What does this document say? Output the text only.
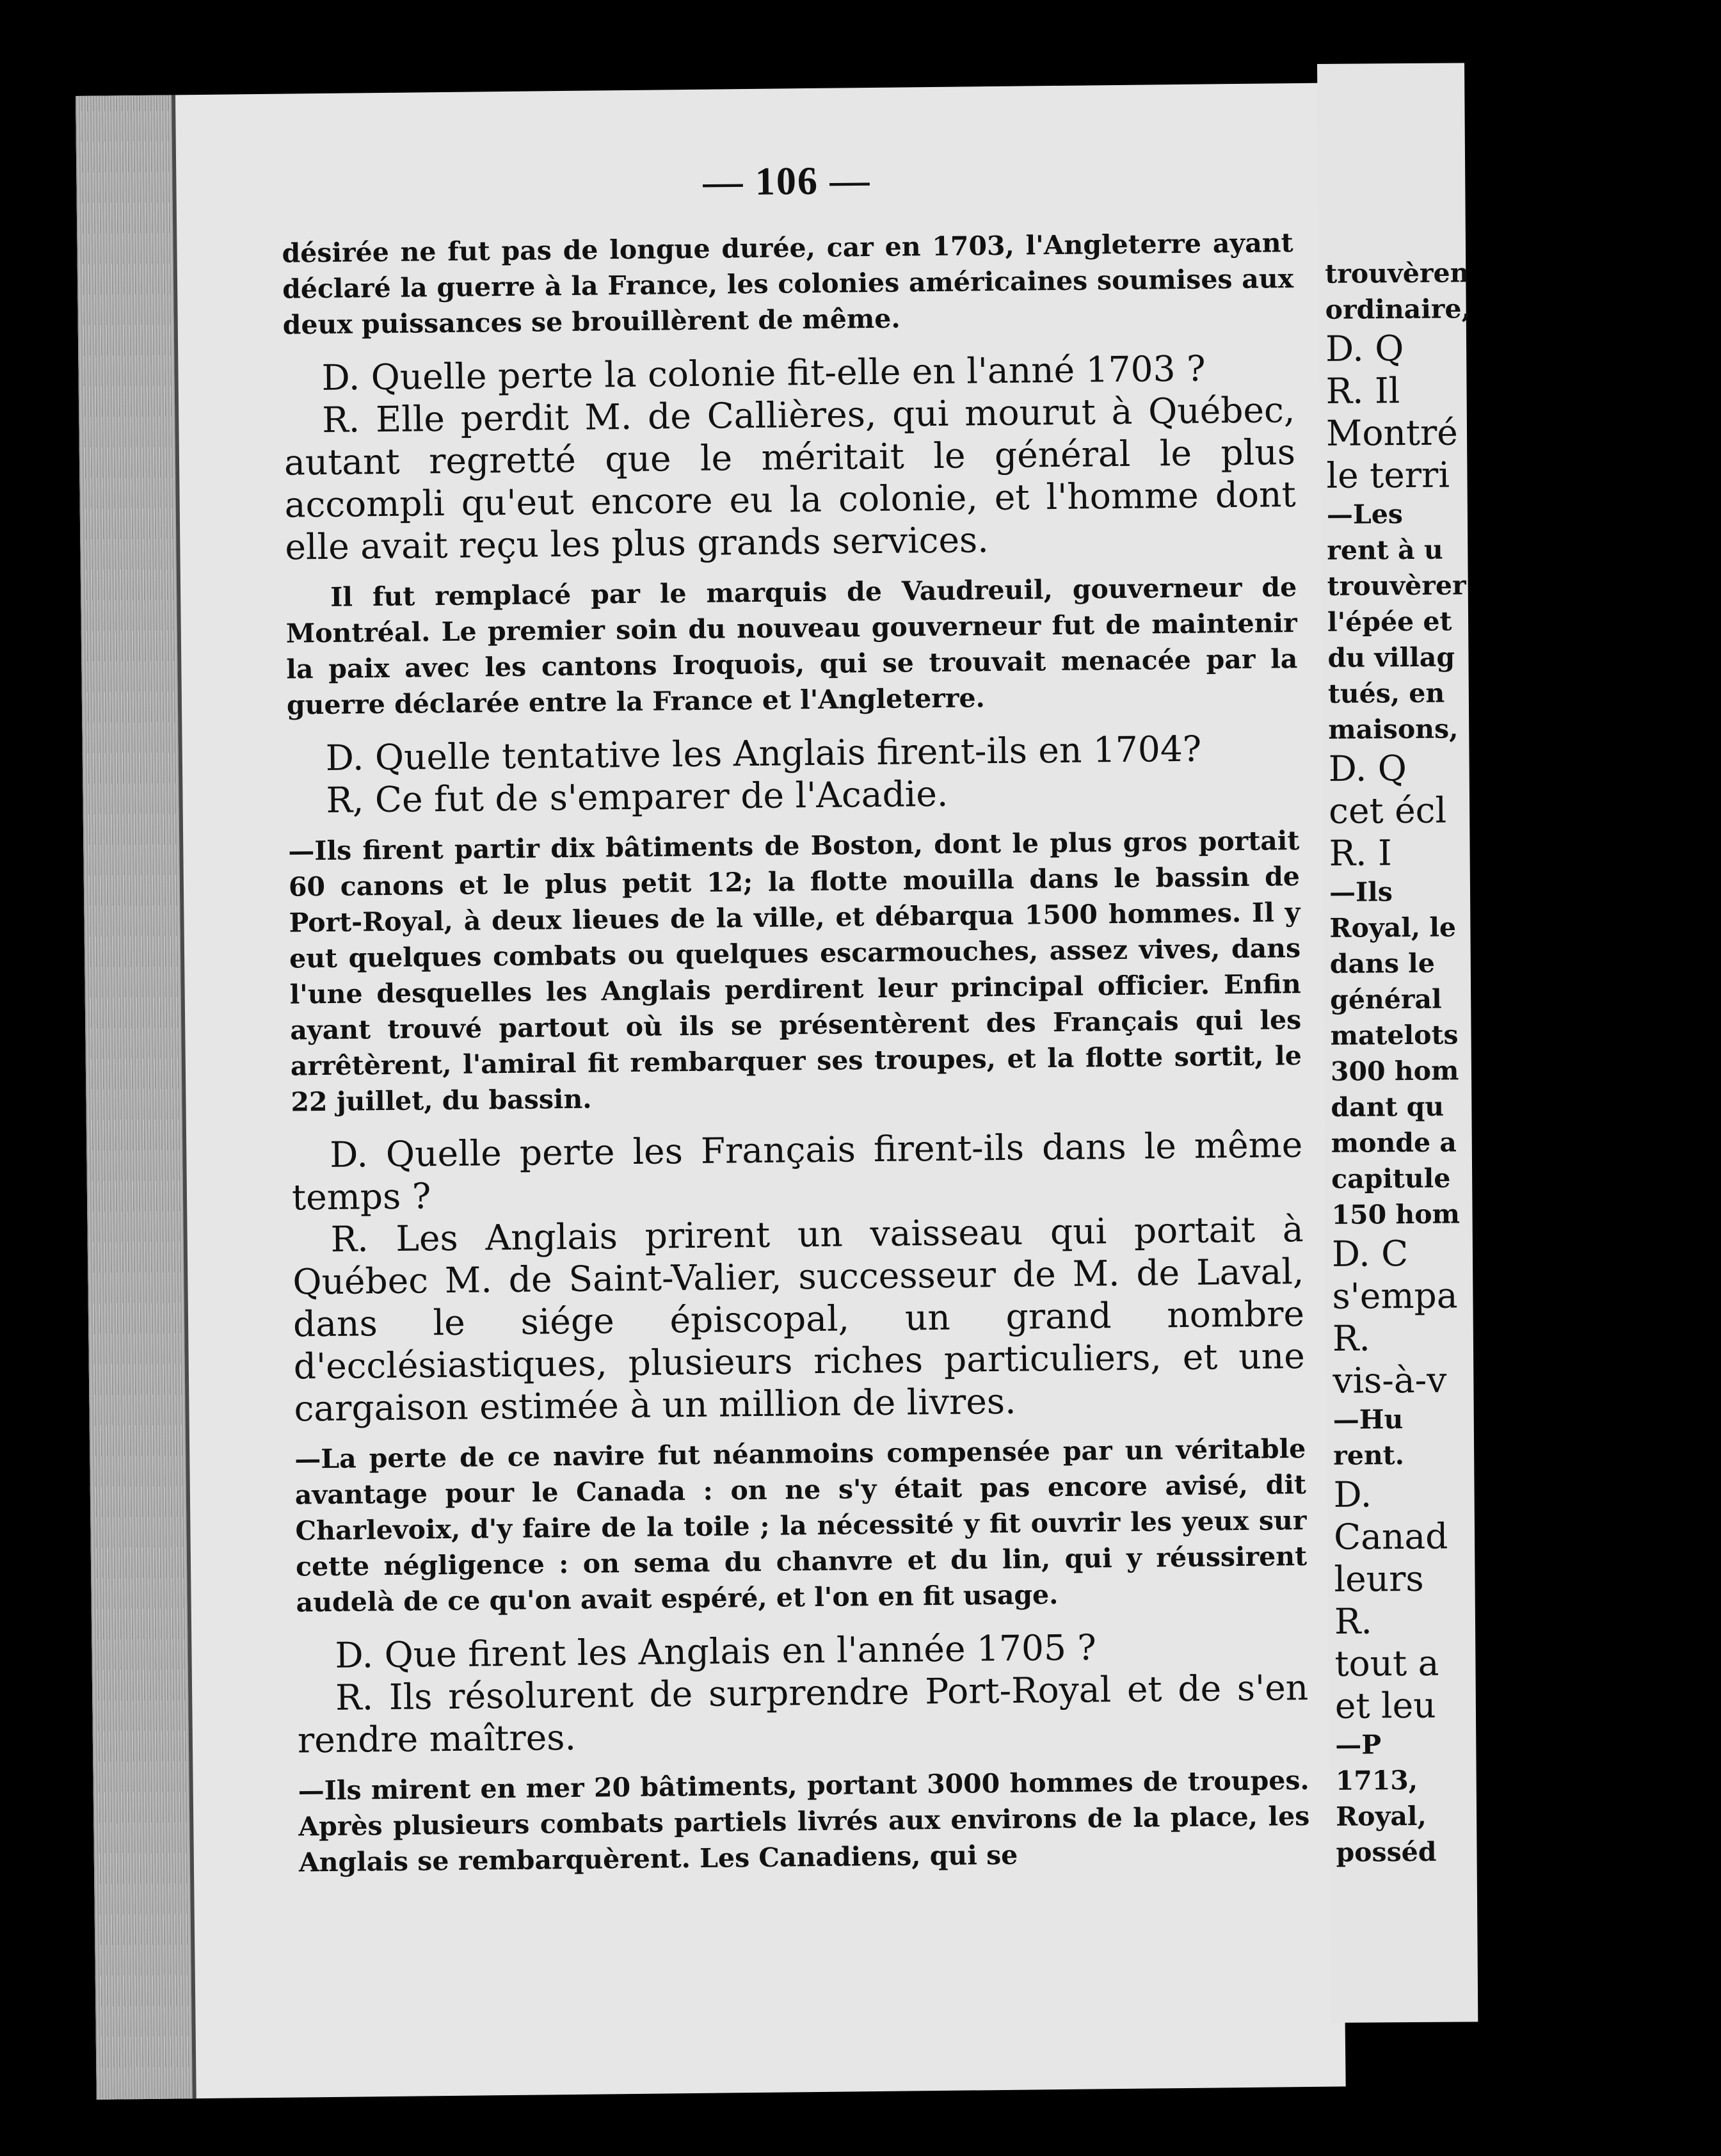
— 106 —

désirée ne fut pas de longue durée, car en 1703, l'Angleterre ayant déclaré la guerre à la France, les colonies américaines soumises aux deux puissances se brouillèrent de même.

D. Quelle perte la colonie fit-elle en l'anné 1703 ?

R. Elle perdit M. de Callières, qui mourut à Québec, autant regretté que le méritait le général le plus accompli qu'eut encore eu la colonie, et l'homme dont elle avait reçu les plus grands services.

Il fut remplacé par le marquis de Vaudreuil, gouverneur de Montréal. Le premier soin du nouveau gouverneur fut de maintenir la paix avec les cantons Iroquois, qui se trouvait menacée par la guerre déclarée entre la France et l'Angleterre.

D. Quelle tentative les Anglais firent-ils en 1704?

R, Ce fut de s'emparer de l'Acadie.

—Ils firent partir dix bâtiments de Boston, dont le plus gros portait 60 canons et le plus petit 12; la flotte mouilla dans le bassin de Port-Royal, à deux lieues de la ville, et débarqua 1500 hommes. Il y eut quelques combats ou quelques escarmouches, assez vives, dans l'une desquelles les Anglais perdirent leur principal officier. Enfin ayant trouvé partout où ils se présentèrent des Français qui les arrêtèrent, l'amiral fit rembarquer ses troupes, et la flotte sortit, le 22 juillet, du bassin.

D. Quelle perte les Français firent-ils dans le même temps ?

R. Les Anglais prirent un vaisseau qui portait à Québec M. de Saint-Valier, successeur de M. de Laval, dans le siége épiscopal, un grand nombre d'ecclésiastiques, plusieurs riches particuliers, et une cargaison estimée à un million de livres.

—La perte de ce navire fut néanmoins compensée par un véritable avantage pour le Canada : on ne s'y était pas encore avisé, dit Charlevoix, d'y faire de la toile ; la nécessité y fit ouvrir les yeux sur cette négligence : on sema du chanvre et du lin, qui y réussirent audelà de ce qu'on avait espéré, et l'on en fit usage.

D. Que firent les Anglais en l'année 1705 ?

R. Ils résolurent de surprendre Port-Royal et de s'en rendre maîtres.

—Ils mirent en mer 20 bâtiments, portant 3000 hommes de troupes. Après plusieurs combats partiels livrés aux environs de la place, les Anglais se rembarquèrent. Les Canadiens, qui se

trouvèren
ordinaire,
D. Q
R. Il
Montré
le terri
—Les
rent à u
trouvèrer
l'épée et
du villag
tués, en
maisons,
D. Q
cet écl
R. I
—Ils
Royal, le
dans le
général
matelots
300 hom
dant qu
monde a
capitule
150 hom
D. C
s'empa
R.
vis-à-v
—Hu
rent.
D.
Canad
leurs
R.
tout a
et leu
—P
1713,
Royal,
posséd
